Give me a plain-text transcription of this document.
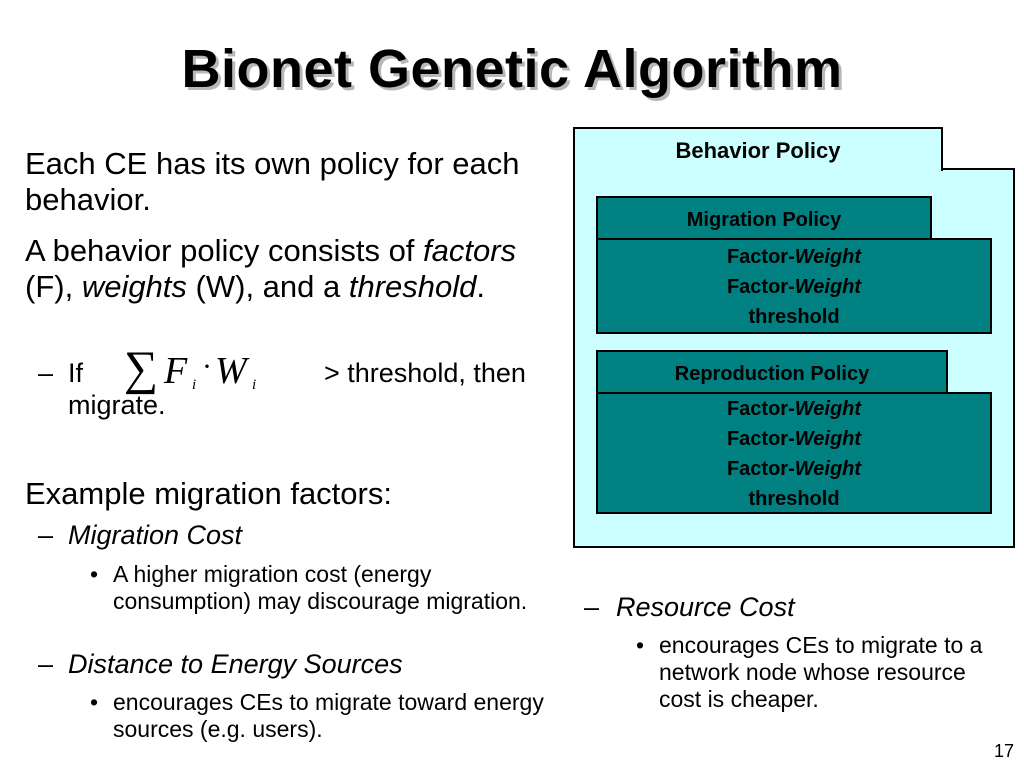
Bionet Genetic Algorithm
Each CE has its own policy for each behavior.
A behavior policy consists of factors (F), weights (W), and a threshold.
– If ∑ F i
· W i	> threshold, then migrate.
Example migration factors:
– Migration Cost
• A higher migration cost (energy consumption) may discourage migration.
– Distance to Energy Sources
• encourages CEs to migrate toward energy sources (e.g. users).
Behavior Policy
Migration Policy
Factor-Weight
Factor-Weight
threshold
Reproduction Policy
Factor-Weight
Factor-Weight
Factor-Weight
threshold
– Resource Cost
• encourages CEs to migrate to a network node whose resource cost is cheaper.
17
